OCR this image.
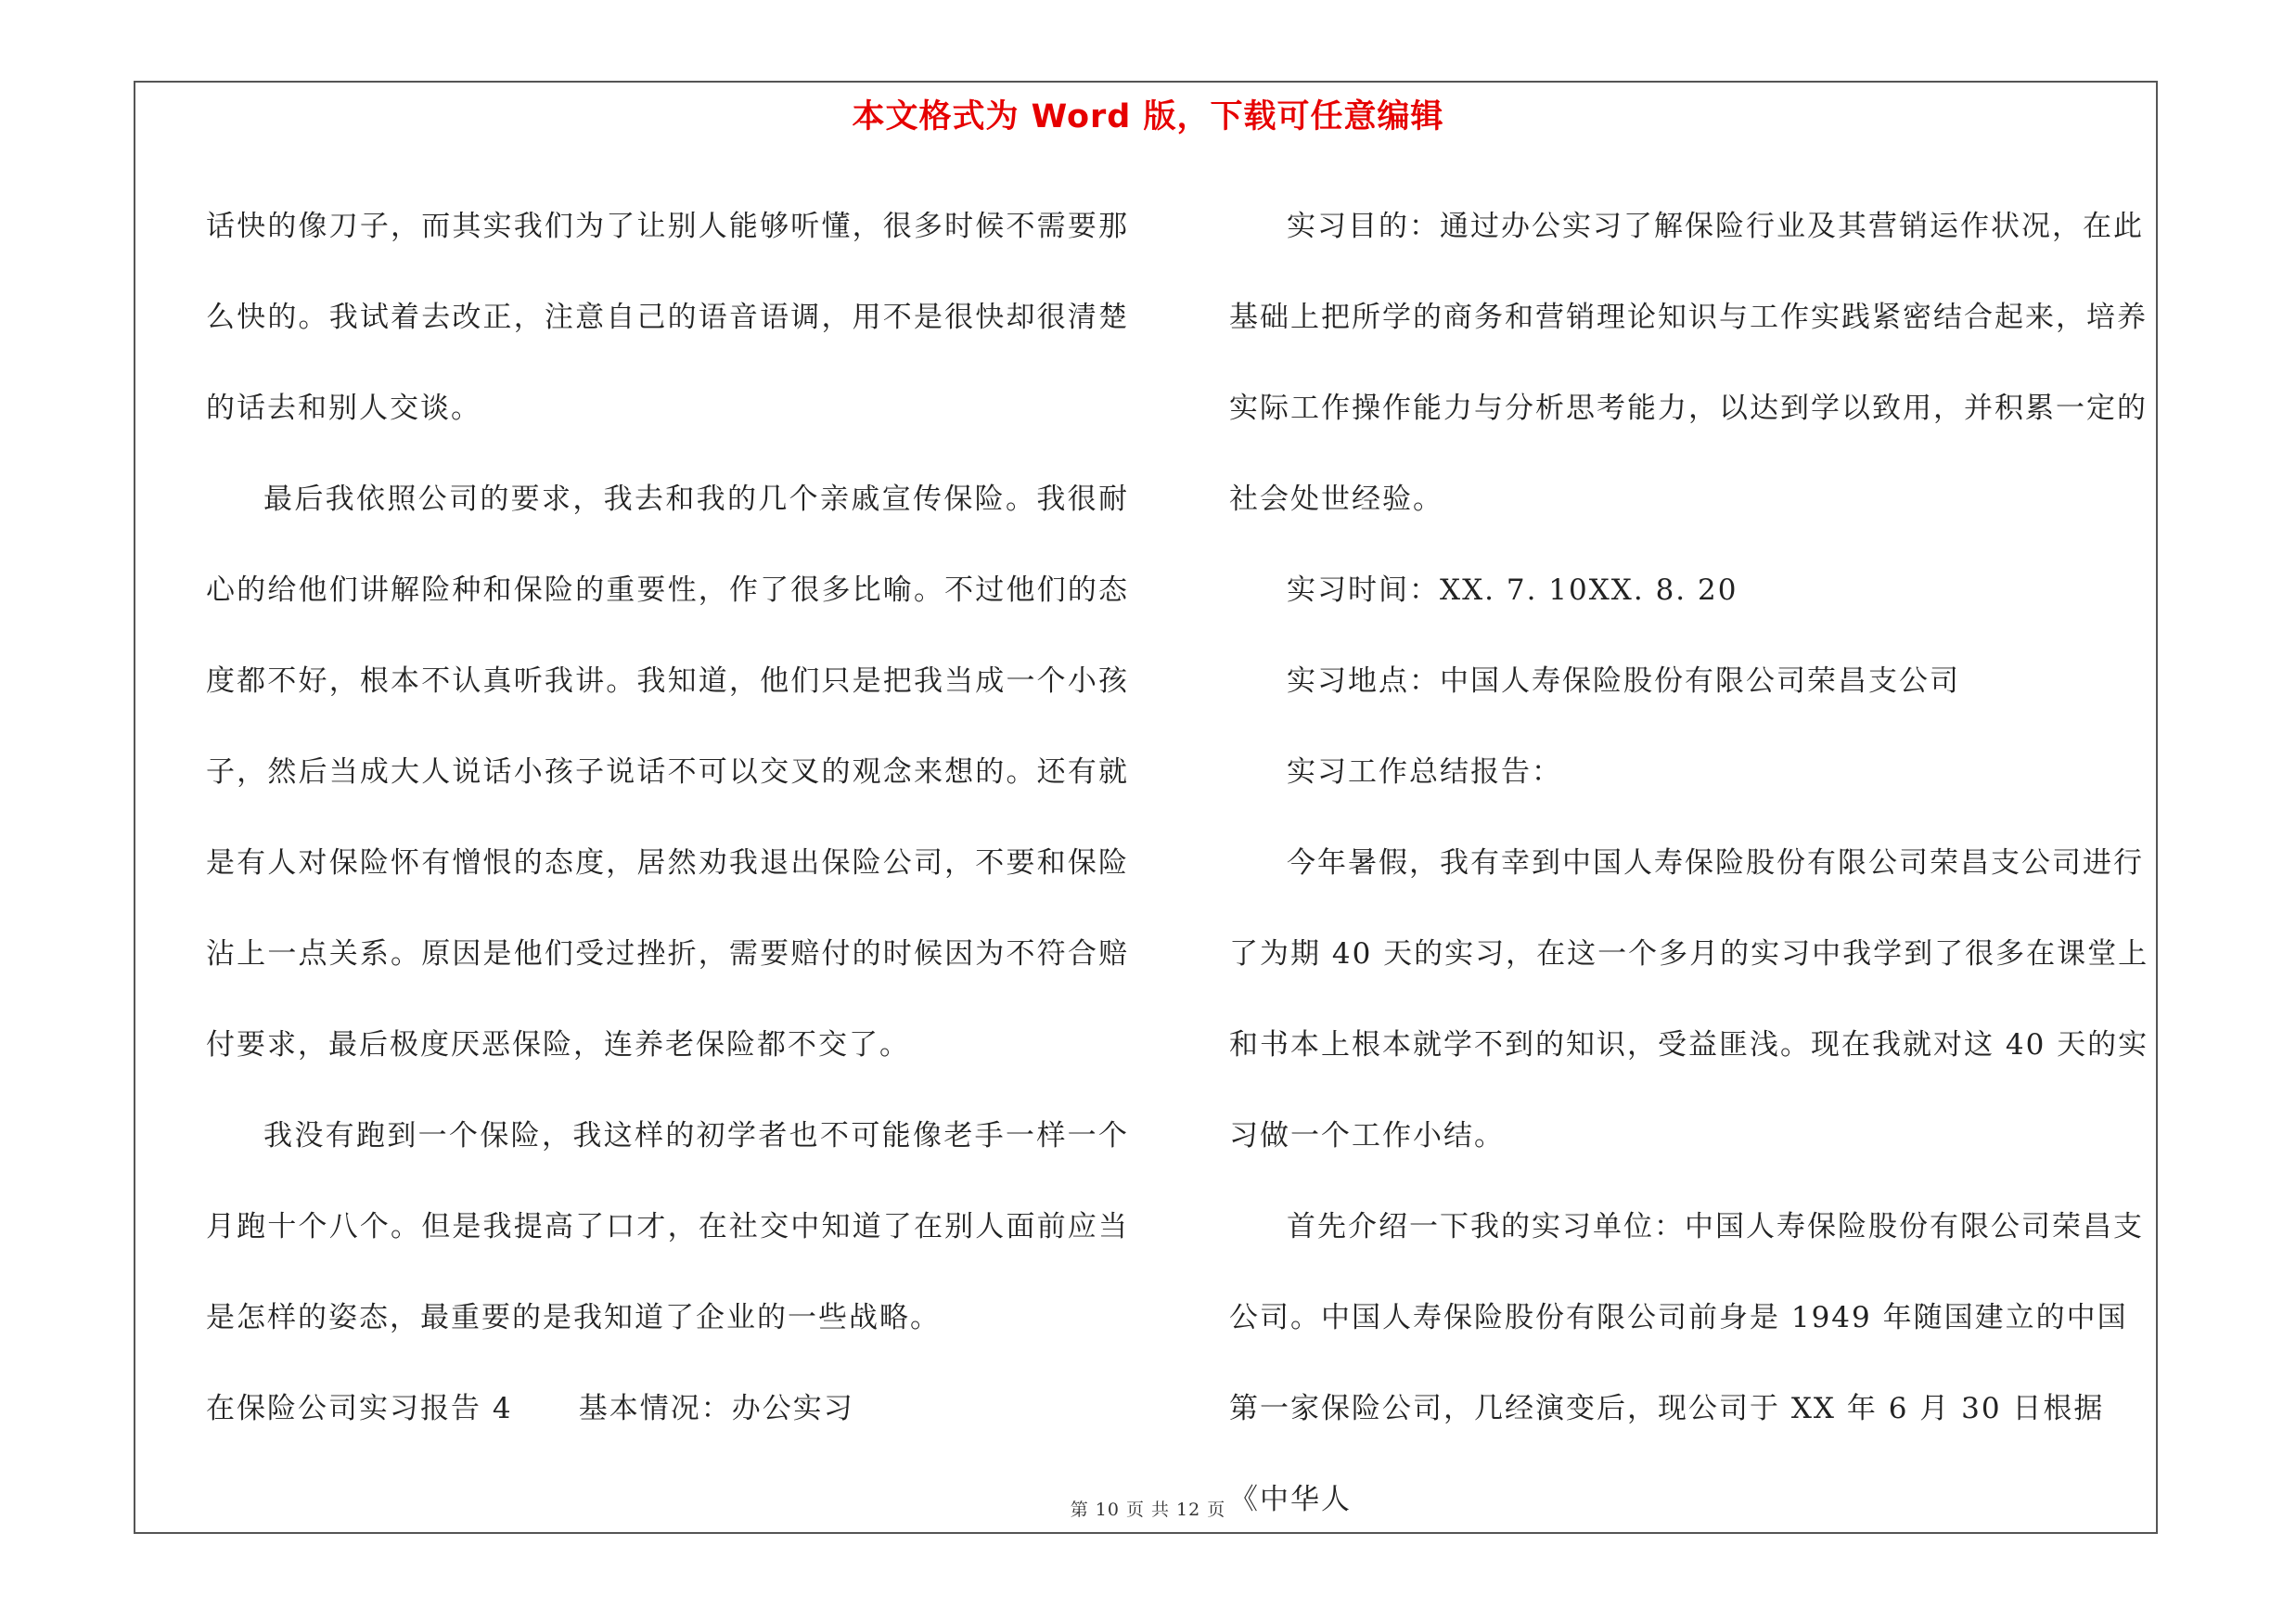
本文格式为 Word 版，下载可任意编辑

话快的像刀子，而其实我们为了让别人能够听懂，很多时候不需要那么快的。我试着去改正，注意自己的语音语调，用不是很快却很清楚的话去和别人交谈。

最后我依照公司的要求，我去和我的几个亲戚宣传保险。我很耐心的给他们讲解险种和保险的重要性，作了很多比喻。不过他们的态度都不好，根本不认真听我讲。我知道，他们只是把我当成一个小孩子，然后当成大人说话小孩子说话不可以交叉的观念来想的。还有就是有人对保险怀有憎恨的态度，居然劝我退出保险公司，不要和保险沾上一点关系。原因是他们受过挫折，需要赔付的时候因为不符合赔付要求，最后极度厌恶保险，连养老保险都不交了。

我没有跑到一个保险，我这样的初学者也不可能像老手一样一个月跑十个八个。但是我提高了口才，在社交中知道了在别人面前应当是怎样的姿态，最重要的是我知道了企业的一些战略。

在保险公司实习报告 4 基本情况：办公实习

实习目的：通过办公实习了解保险行业及其营销运作状况，在此基础上把所学的商务和营销理论知识与工作实践紧密结合起来，培养实际工作操作能力与分析思考能力，以达到学以致用，并积累一定的社会处世经验。

实习时间：XX. 7. 10XX. 8. 20

实习地点：中国人寿保险股份有限公司荣昌支公司

实习工作总结报告：

今年暑假，我有幸到中国人寿保险股份有限公司荣昌支公司进行了为期 40 天的实习，在这一个多月的实习中我学到了很多在课堂上和书本上根本就学不到的知识，受益匪浅。现在我就对这 40 天的实习做一个工作小结。

首先介绍一下我的实习单位：中国人寿保险股份有限公司荣昌支公司。中国人寿保险股份有限公司前身是 1949 年随国建立的中国第一家保险公司，几经演变后，现公司于 XX 年 6 月 30 日根据《中华人

第 10 页 共 12 页
